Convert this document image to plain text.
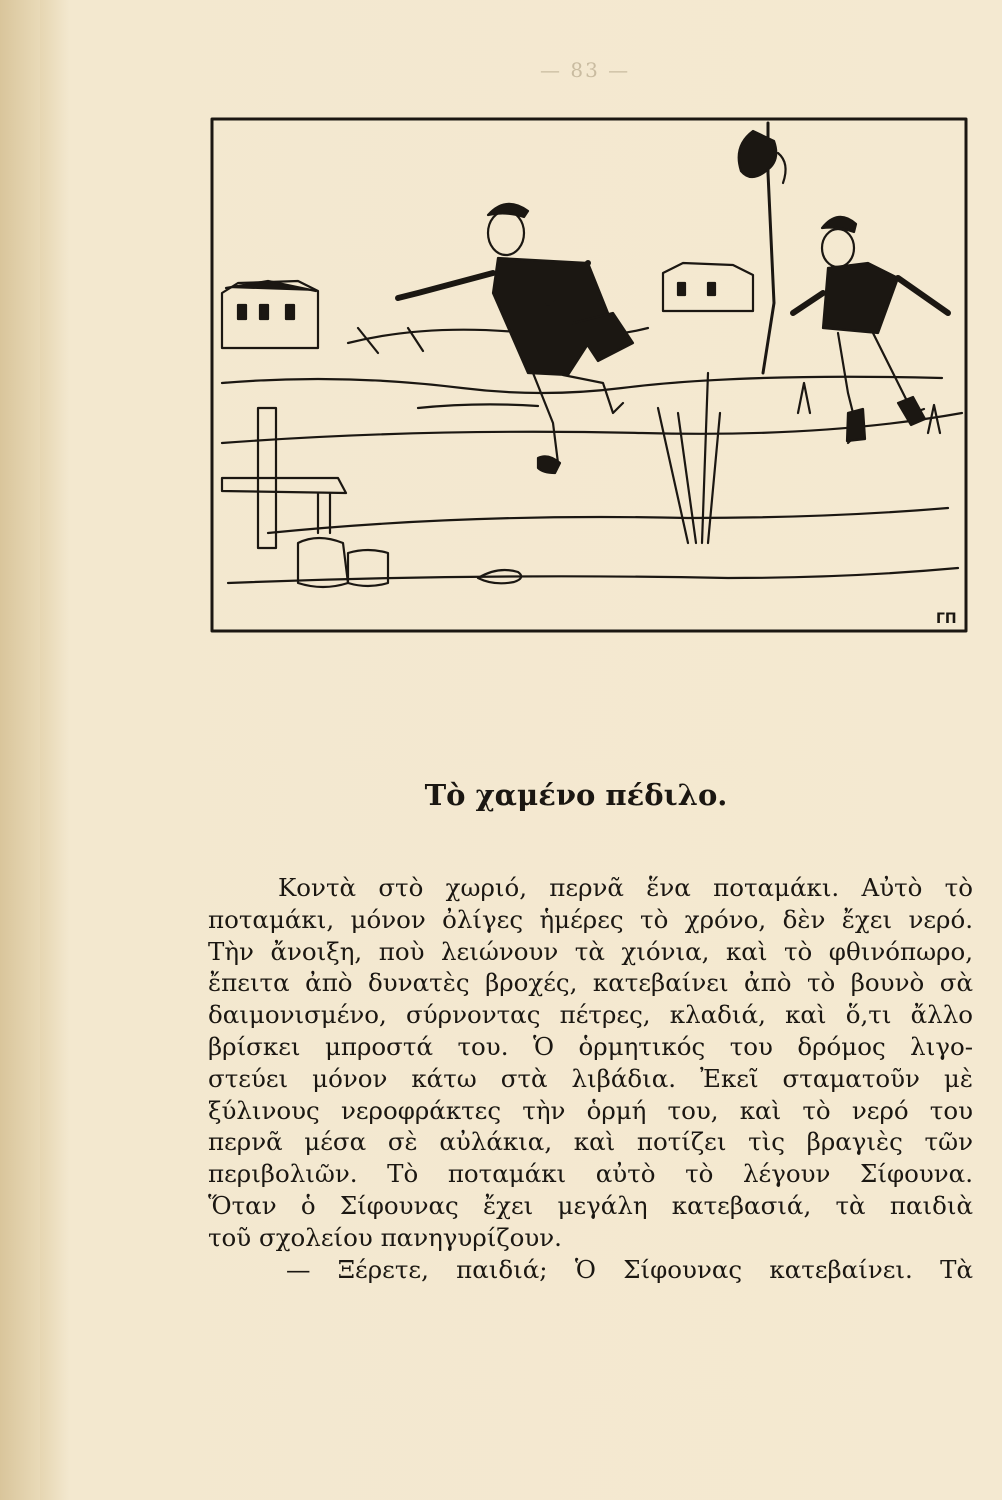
— 83 —
ΓΠ
Τὸ χαμένο πέδιλο.
Κοντὰ στὸ χωριό, περνᾶ ἕνα ποταμάκι. Αὐτὸ τὸ
ποταμάκι, μόνον ὀλίγες ἡμέρες τὸ χρόνο, δὲν ἔχει νερό.
Τὴν ἄνοιξη, ποὺ λειώνουν τὰ χιόνια, καὶ τὸ φθινόπωρο,
ἔπειτα ἀπὸ δυνατὲς βροχές, κατεβαίνει ἀπὸ τὸ βουνὸ σὰ
δαιμονισμένο, σύρνοντας πέτρες, κλαδιά, καὶ ὅ,τι ἄλλο
βρίσκει μπροστά του. Ὁ ὁρμητικός του δρόμος λιγο-
στεύει μόνον κάτω στὰ λιβάδια. Ἐκεῖ σταματοῦν μὲ
ξύλινους νεροφράκτες τὴν ὁρμή του, καὶ τὸ νερό του
περνᾶ μέσα σὲ αὐλάκια, καὶ ποτίζει τὶς βραγιὲς τῶν
περιβολιῶν. Τὸ ποταμάκι αὐτὸ τὸ λέγουν Σίφουνα.
Ὅταν ὁ Σίφουνας ἔχει μεγάλη κατεβασιά, τὰ παιδιὰ
τοῦ σχολείου πανηγυρίζουν.
— Ξέρετε, παιδιά; Ὁ Σίφουνας κατεβαίνει. Τὰ
